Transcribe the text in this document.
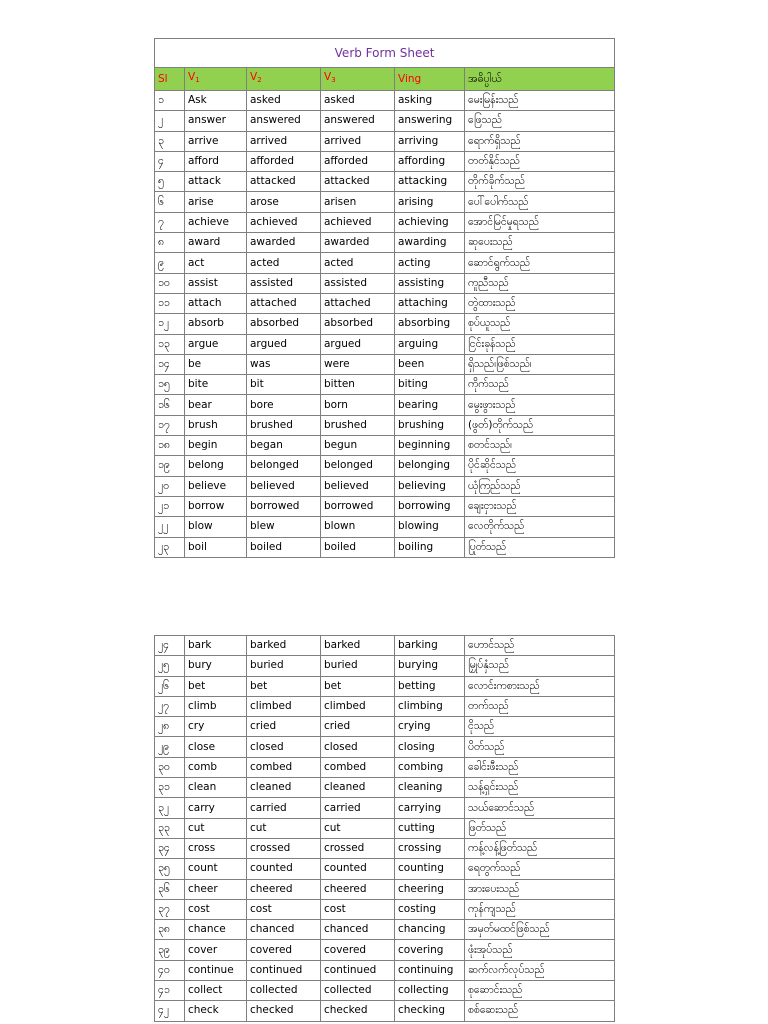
Verb Form Sheet					
Sl	$V_1$	$V_2$	$V_3$	Ving	အဓိပ္ပါယ်
၁	Ask	asked	asked	asking	မေးမြန်းသည်
၂	answer	answered	answered	answering	ဖြေသည်
၃	arrive	arrived	arrived	arriving	ရောက်ရှိသည်
၄	afford	afforded	afforded	affording	တတ်နိုင်သည်
၅	attack	attacked	attacked	attacking	တိုက်ခိုက်သည်
၆	arise	arose	arisen	arising	ပေါ်ပေါက်သည်
၇	achieve	achieved	achieved	achieving	အောင်မြင်မှုရသည်
၈	award	awarded	awarded	awarding	ဆုပေးသည်
၉	act	acted	acted	acting	ဆောင်ရွက်သည်
၁၀	assist	assisted	assisted	assisting	ကူညီသည်
၁၁	attach	attached	attached	attaching	တွဲထားသည်
၁၂	absorb	absorbed	absorbed	absorbing	စုပ်ယူသည်
၁၃	argue	argued	argued	arguing	ငြင်းခုန်သည်
၁၄	be	was	were	been	ရှိသည်၊ဖြစ်သည်၊
၁၅	bite	bit	bitten	biting	ကိုက်သည်
၁၆	bear	bore	born	bearing	မွေးဖွားသည်
၁၇	brush	brushed	brushed	brushing	(ဖွတ်)တိုက်သည်
၁၈	begin	began	begun	beginning	စတင်သည်၊
၁၉	belong	belonged	belonged	belonging	ပိုင်ဆိုင်သည်
၂၀	believe	believed	believed	believing	ယုံကြည်သည်
၂၁	borrow	borrowed	borrowed	borrowing	ချေးငှားသည်
၂၂	blow	blew	blown	blowing	လေတိုက်သည်
၂၃	boil	boiled	boiled	boiling	ပြုတ်သည်
၂၄	bark	barked	barked	barking	ဟောင်သည်
၂၅	bury	buried	buried	burying	မြှုပ်နှံသည်
၂၆	bet	bet	bet	betting	လောင်းကစားသည်
၂၇	climb	climbed	climbed	climbing	တက်သည်
၂၈	cry	cried	cried	crying	ငိုသည်
၂၉	close	closed	closed	closing	ပိတ်သည်
၃၀	comb	combed	combed	combing	ခေါင်းဖီးသည်
၃၁	clean	cleaned	cleaned	cleaning	သန့်ရှင်းသည်
၃၂	carry	carried	carried	carrying	သယ်ဆောင်သည်
၃၃	cut	cut	cut	cutting	ဖြတ်သည်
၃၄	cross	crossed	crossed	crossing	ကန့်လန့်ဖြတ်သည်
၃၅	count	counted	counted	counting	ရေတွက်သည်
၃၆	cheer	cheered	cheered	cheering	အားပေးသည်
၃၇	cost	cost	cost	costing	ကုန်ကျသည်
၃၈	chance	chanced	chanced	chancing	အမှတ်မထင်ဖြစ်သည်
၃၉	cover	covered	covered	covering	ဖုံးအုပ်သည်
၄၀	continue	continued	continued	continuing	ဆက်လက်လုပ်သည်
၄၁	collect	collected	collected	collecting	စုဆောင်းသည်
၄၂	check	checked	checked	checking	စစ်ဆေးသည်
